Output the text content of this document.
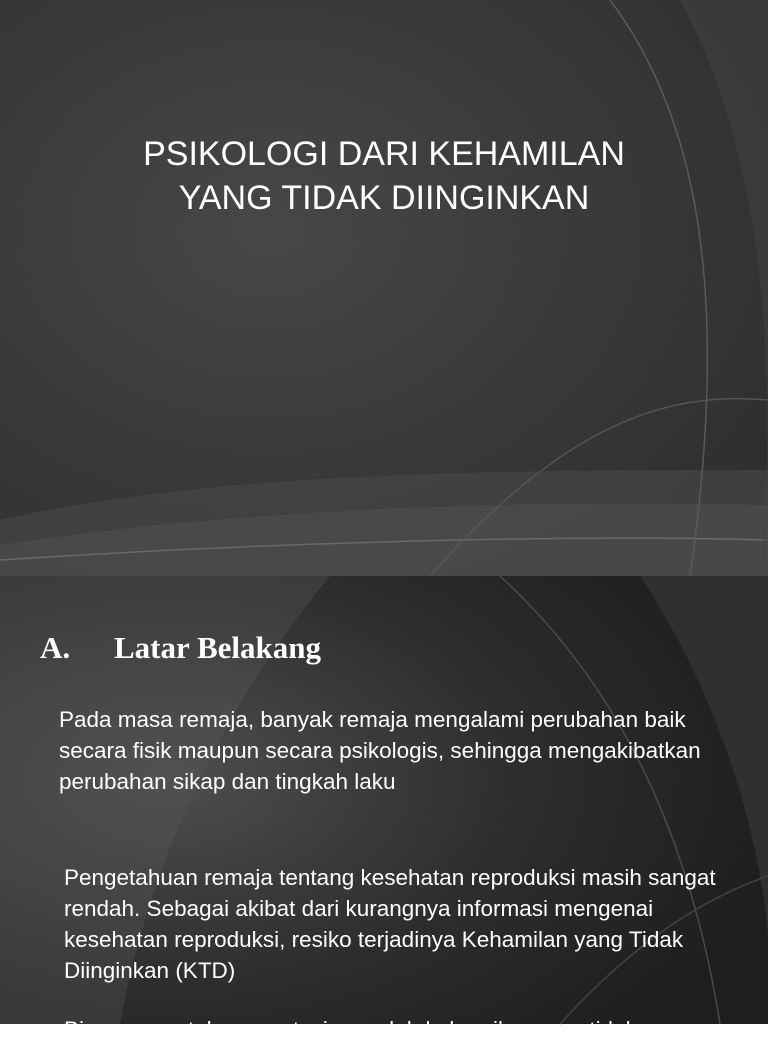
PSIKOLOGI DARI KEHAMILAN
YANG TIDAK DIINGINKAN
A. Latar Belakang

Pada masa remaja, banyak remaja mengalami perubahan baik secara fisik maupun secara psikologis, sehingga mengakibatkan perubahan sikap dan tingkah laku

Pengetahuan remaja tentang kesehatan reproduksi masih sangat rendah. Sebagai akibat dari kurangnya informasi mengenai kesehatan reproduksi, resiko terjadinya Kehamilan yang Tidak Diinginkan (KTD)

Biasanya untuk mengatasi masalah kehamilan yang tidak
